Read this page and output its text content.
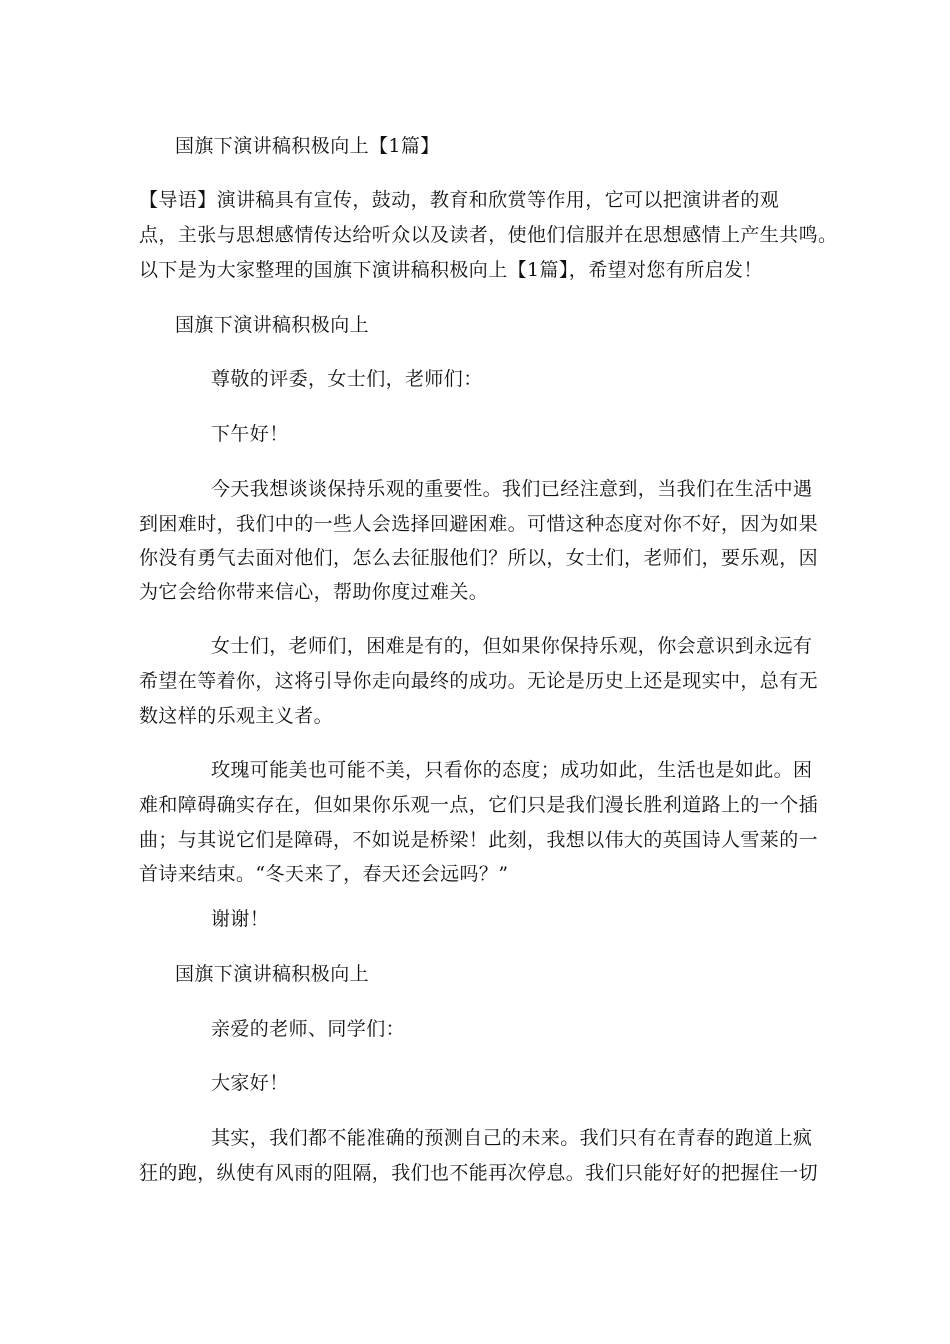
国旗下演讲稿积极向上【1篇】
【导语】演讲稿具有宣传，鼓动，教育和欣赏等作用，它可以把演讲者的观
点，主张与思想感情传达给听众以及读者，使他们信服并在思想感情上产生共鸣。
以下是为大家整理的国旗下演讲稿积极向上【1篇】，希望对您有所启发！
国旗下演讲稿积极向上
尊敬的评委，女士们，老师们：
下午好！
今天我想谈谈保持乐观的重要性。我们已经注意到，当我们在生活中遇
到困难时，我们中的一些人会选择回避困难。可惜这种态度对你不好，因为如果
你没有勇气去面对他们，怎么去征服他们？所以，女士们，老师们，要乐观，因
为它会给你带来信心，帮助你度过难关。
女士们，老师们，困难是有的，但如果你保持乐观，你会意识到永远有
希望在等着你，这将引导你走向最终的成功。无论是历史上还是现实中，总有无
数这样的乐观主义者。
玫瑰可能美也可能不美，只看你的态度；成功如此，生活也是如此。困
难和障碍确实存在，但如果你乐观一点，它们只是我们漫长胜利道路上的一个插
曲；与其说它们是障碍，不如说是桥梁！此刻，我想以伟大的英国诗人雪莱的一
首诗来结束。“冬天来了，春天还会远吗？”
谢谢！
国旗下演讲稿积极向上
亲爱的老师、同学们：
大家好！
其实，我们都不能准确的预测自己的未来。我们只有在青春的跑道上疯
狂的跑，纵使有风雨的阻隔，我们也不能再次停息。我们只能好好的把握住一切
